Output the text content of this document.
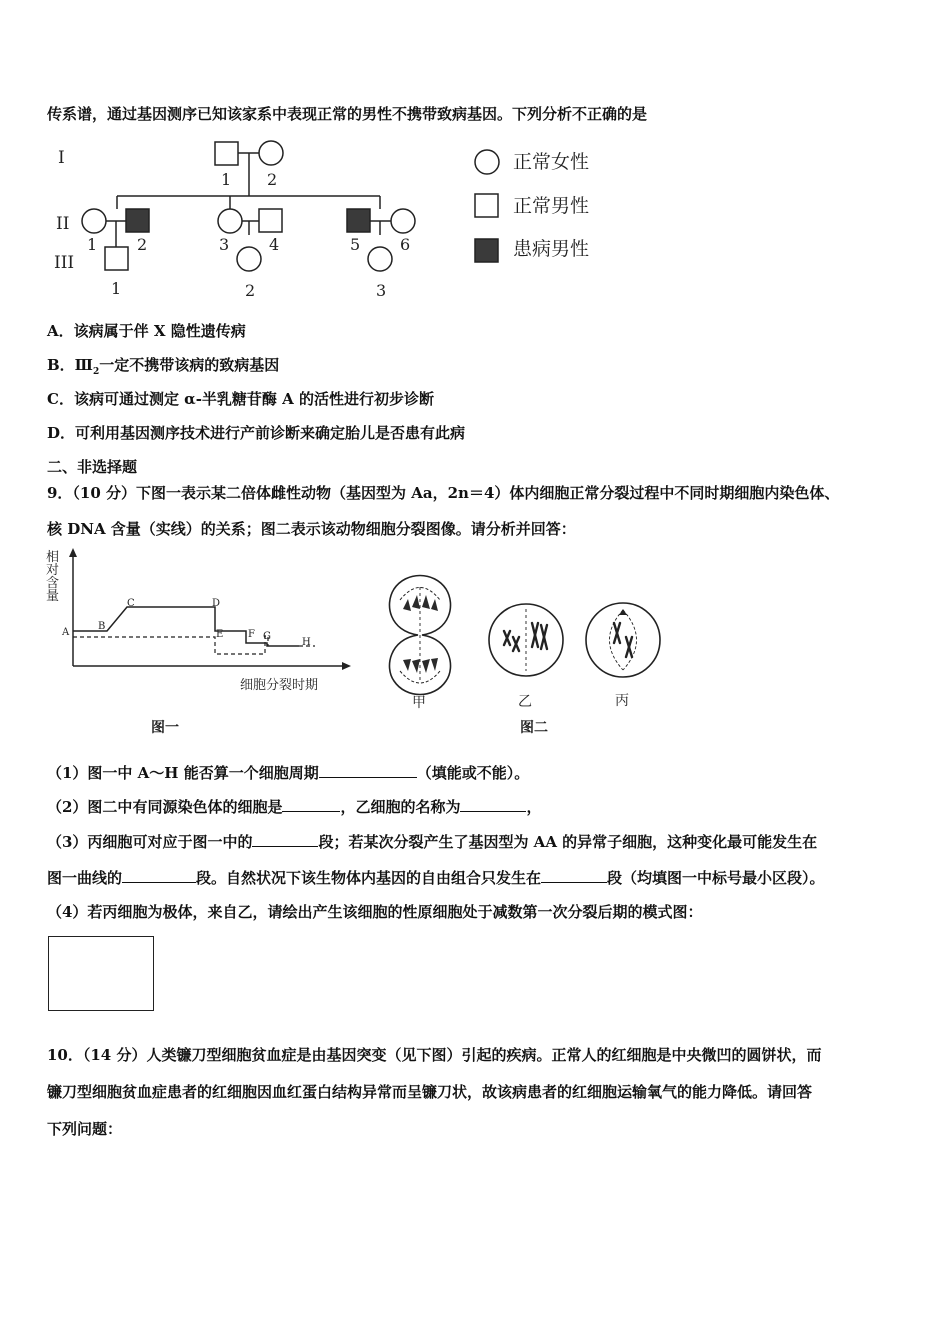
传系谱，通过基因测序已知该家系中表现正常的男性不携带致病基因。下列分析不正确的是
I
II
III
1 2
1 2	3 4	5 6
1	2	3
正常女性
正常男性
患病男性
A．该病属于伴 X 隐性遗传病
B．$Ⅲ_2$一定不携带该病的致病基因
C．该病可通过测定 α-半乳糖苷酶 A 的活性进行初步诊断
D．可利用基因测序技术进行产前诊断来确定胎儿是否患有此病
二、非选择题
9．（10 分）下图一表示某二倍体雌性动物（基因型为 Aa，2n＝4）体内细胞正常分裂过程中不同时期细胞内染色体、
核 DNA 含量（实线）的关系；图二表示该动物细胞分裂图像。请分析并回答：
相
对
含
量
A
B
C	D
E F G
H
细胞分裂时期
图一
甲	乙	丙
图二
（1）图一中 A～H 能否算一个细胞周期	（填能或不能）。
（2）图二中有同源染色体的细胞是	，乙细胞的名称为	，
（3）丙细胞可对应于图一中的	段；若某次分裂产生了基因型为 AA 的异常子细胞，这种变化最可能发生在
图一曲线的	段。自然状况下该生物体内基因的自由组合只发生在	段（均填图一中标号最小区段）。
（4）若丙细胞为极体，来自乙，请绘出产生该细胞的性原细胞处于减数第一次分裂后期的模式图：
10．（14 分）人类镰刀型细胞贫血症是由基因突变（见下图）引起的疾病。正常人的红细胞是中央微凹的圆饼状，而
镰刀型细胞贫血症患者的红细胞因血红蛋白结构异常而呈镰刀状，故该病患者的红细胞运输氧气的能力降低。请回答
下列问题：
